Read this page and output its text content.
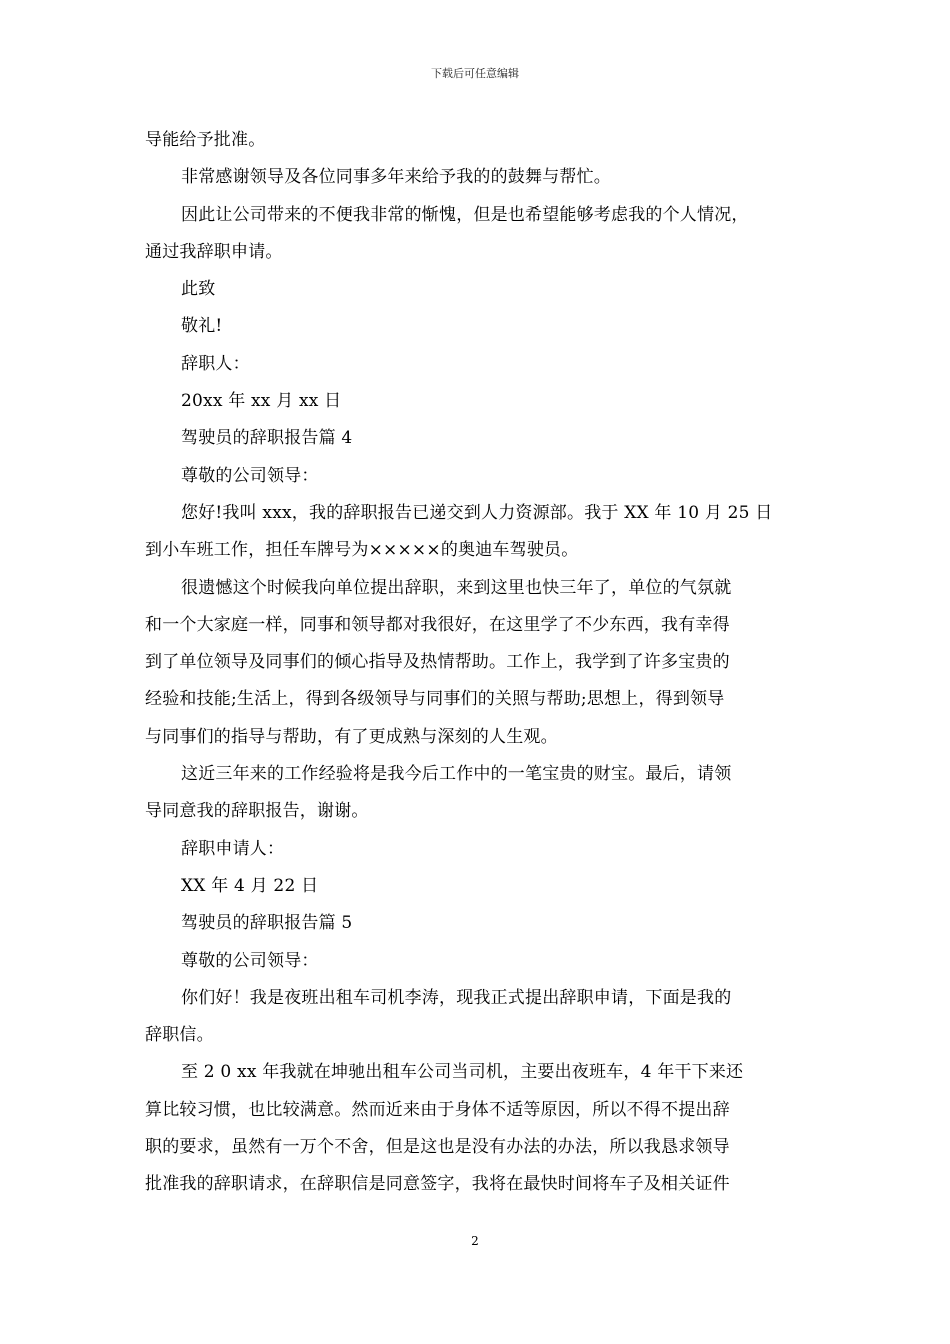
下载后可任意编辑
导能给予批准。
非常感谢领导及各位同事多年来给予我的的鼓舞与帮忙。
因此让公司带来的不便我非常的惭愧，但是也希望能够考虑我的个人情况，
通过我辞职申请。
此致
敬礼!
辞职人：
20xx 年 xx 月 xx 日
驾驶员的辞职报告篇 4
尊敬的公司领导：
您好!我叫 xxx，我的辞职报告已递交到人力资源部。我于 XX 年 10 月 25 日
到小车班工作，担任车牌号为×××××的奥迪车驾驶员。
很遗憾这个时候我向单位提出辞职，来到这里也快三年了，单位的气氛就
和一个大家庭一样，同事和领导都对我很好，在这里学了不少东西，我有幸得
到了单位领导及同事们的倾心指导及热情帮助。工作上，我学到了许多宝贵的
经验和技能;生活上，得到各级领导与同事们的关照与帮助;思想上，得到领导
与同事们的指导与帮助，有了更成熟与深刻的人生观。
这近三年来的工作经验将是我今后工作中的一笔宝贵的财宝。最后，请领
导同意我的辞职报告，谢谢。
辞职申请人：
XX 年 4 月 22 日
驾驶员的辞职报告篇 5
尊敬的公司领导：
你们好！我是夜班出租车司机李涛，现我正式提出辞职申请，下面是我的
辞职信。
至 2 0 xx 年我就在坤驰出租车公司当司机，主要出夜班车，4 年干下来还
算比较习惯，也比较满意。然而近来由于身体不适等原因，所以不得不提出辞
职的要求，虽然有一万个不舍，但是这也是没有办法的办法，所以我恳求领导
批准我的辞职请求，在辞职信是同意签字，我将在最快时间将车子及相关证件
2
